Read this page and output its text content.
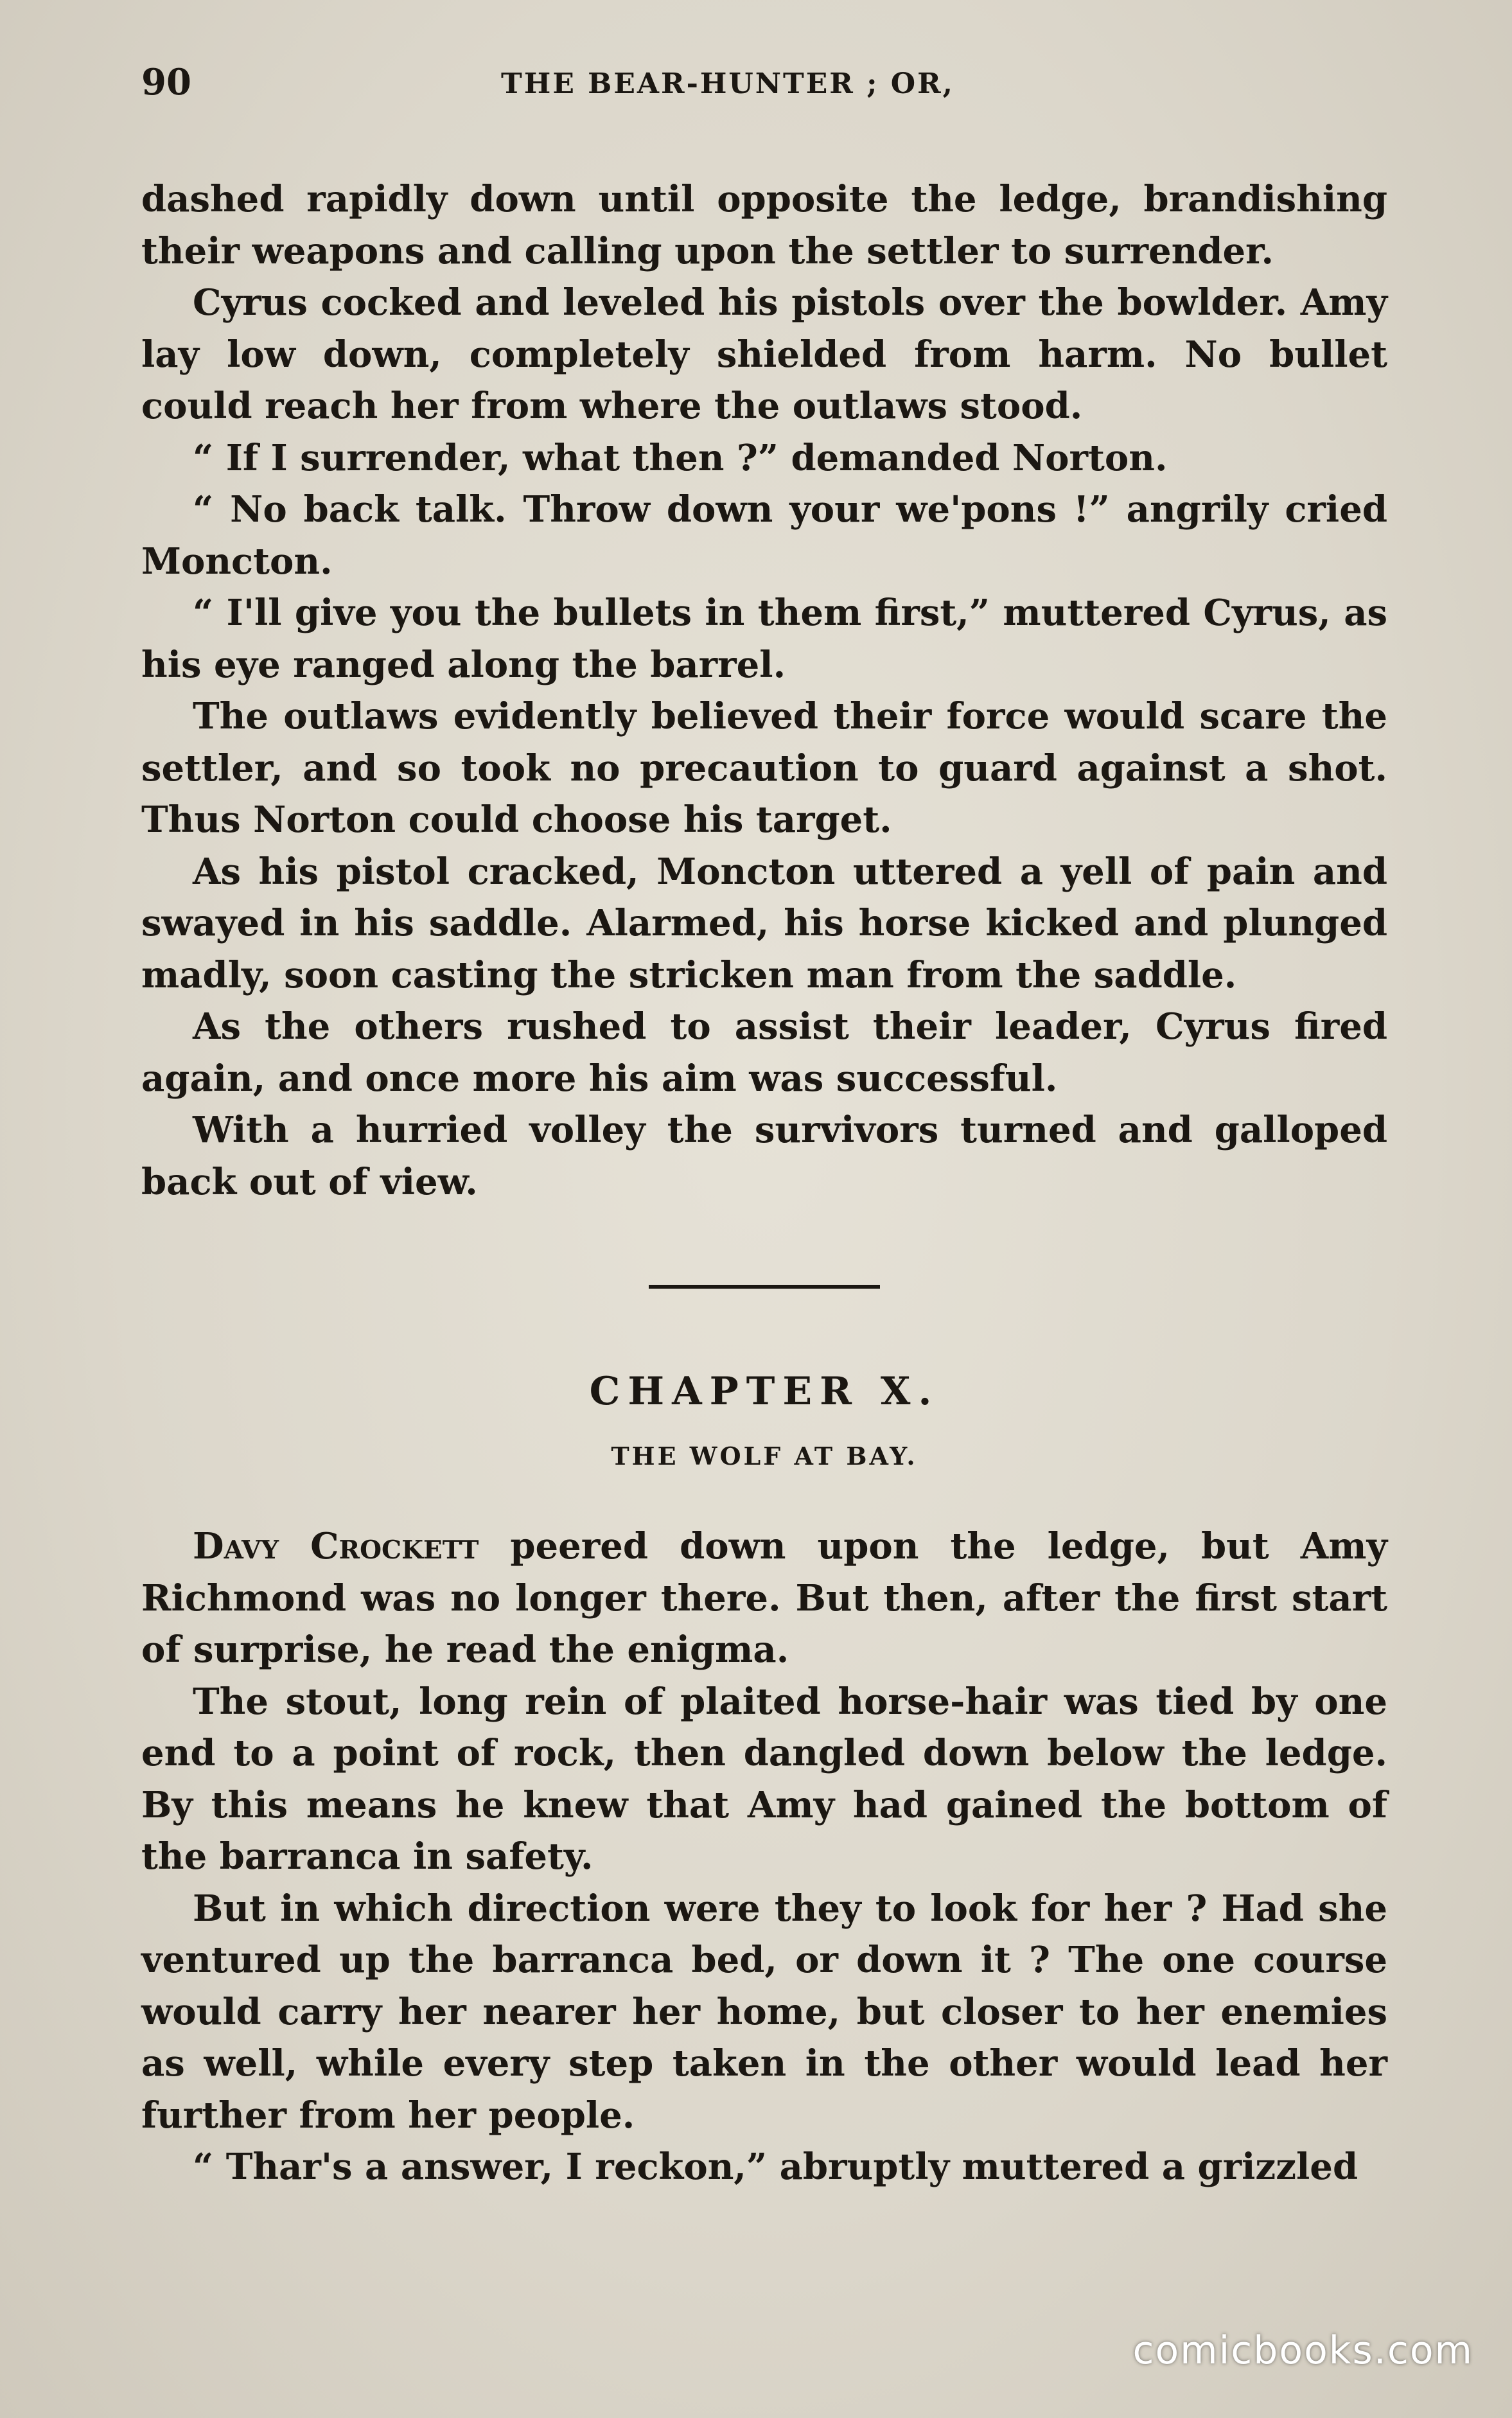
90	THE BEAR-HUNTER ; OR,

dashed rapidly down until opposite the ledge, brandishing their weapons and calling upon the settler to surrender.

Cyrus cocked and leveled his pistols over the bowlder. Amy lay low down, completely shielded from harm. No bullet could reach her from where the outlaws stood.

“ If I surrender, what then ?” demanded Norton.

“ No back talk. Throw down your we'pons !” angrily cried Moncton.

“ I'll give you the bullets in them first,” muttered Cyrus, as his eye ranged along the barrel.

The outlaws evidently believed their force would scare the settler, and so took no precaution to guard against a shot. Thus Norton could choose his target.

As his pistol cracked, Moncton uttered a yell of pain and swayed in his saddle. Alarmed, his horse kicked and plunged madly, soon casting the stricken man from the saddle.

As the others rushed to assist their leader, Cyrus fired again, and once more his aim was successful.

With a hurried volley the survivors turned and galloped back out of view.

CHAPTER X.
THE WOLF AT BAY.

Davy Crockett peered down upon the ledge, but Amy Richmond was no longer there. But then, after the first start of surprise, he read the enigma.

The stout, long rein of plaited horse-hair was tied by one end to a point of rock, then dangled down below the ledge. By this means he knew that Amy had gained the bottom of the barranca in safety.

But in which direction were they to look for her ? Had she ventured up the barranca bed, or down it ? The one course would carry her nearer her home, but closer to her enemies as well, while every step taken in the other would lead her further from her people.

“ Thar's a answer, I reckon,” abruptly muttered a grizzled

comicbooks.com
